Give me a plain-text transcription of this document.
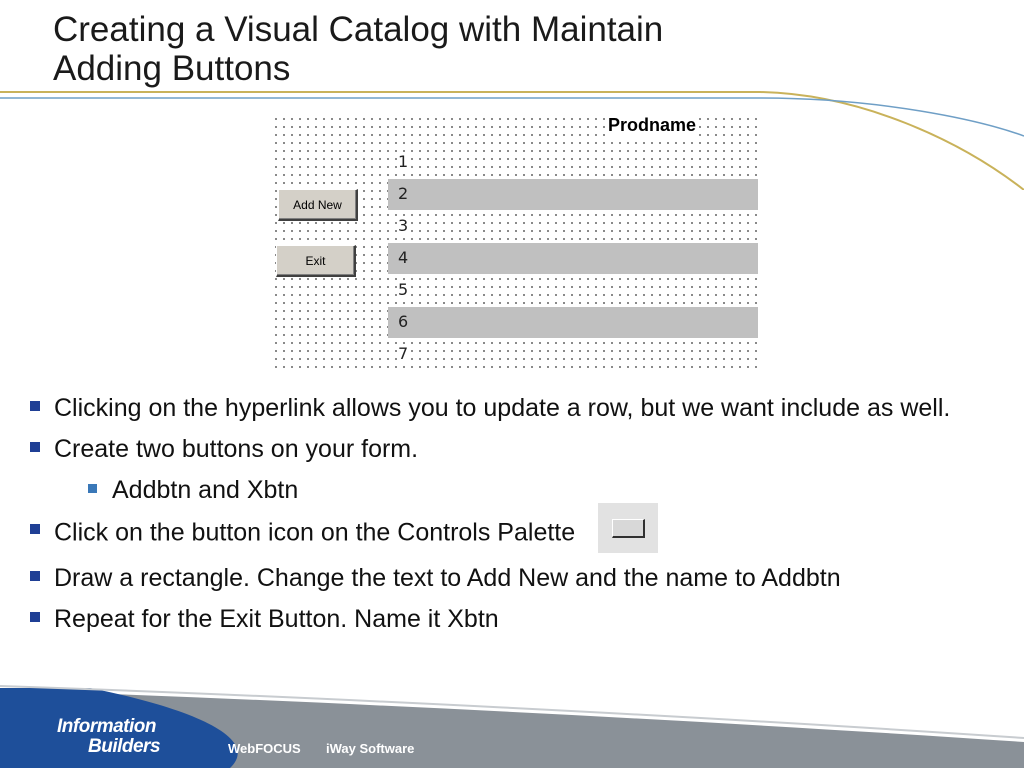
Creating a Visual Catalog with Maintain
Adding Buttons
Prodname
1
2
3
4
5
6
7
Add New
Exit
Clicking on the hyperlink allows you to update a row, but we want include as well.
Create two buttons on your form.
Addbtn and Xbtn
Click on the button icon on the Controls Palette
Draw a rectangle. Change the text to Add New and the name to Addbtn
Repeat for the Exit Button. Name it Xbtn
Information
Builders	WebFOCUS iWay Software
